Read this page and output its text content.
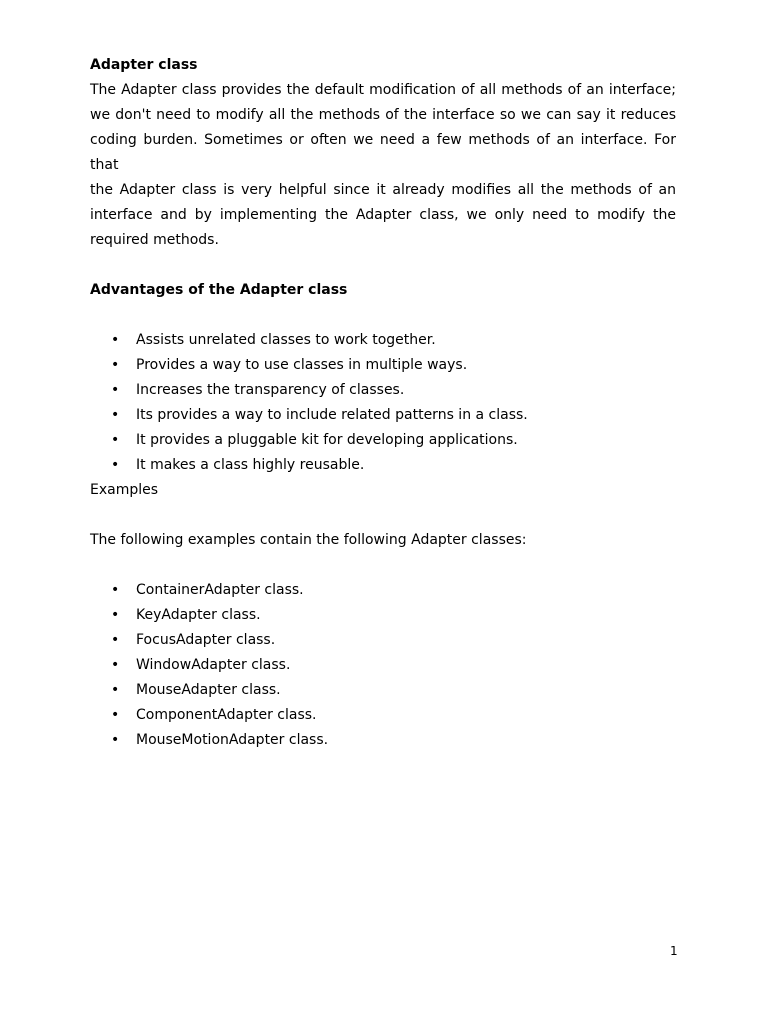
Adapter class

The Adapter class provides the default modification of all methods of an interface;

we don't need to modify all the methods of the interface so we can say it reduces

coding burden. Sometimes or often we need a few methods of an interface. For that

the Adapter class is very helpful since it already modifies all the methods of an

interface and by implementing the Adapter class, we only need to modify the

required methods.

Advantages of the Adapter class

• Assists unrelated classes to work together.
• Provides a way to use classes in multiple ways.
• Increases the transparency of classes.
• Its provides a way to include related patterns in a class.
• It provides a pluggable kit for developing applications.
• It makes a class highly reusable.

Examples

The following examples contain the following Adapter classes:

• ContainerAdapter class.
• KeyAdapter class.
• FocusAdapter class.
• WindowAdapter class.
• MouseAdapter class.
• ComponentAdapter class.
• MouseMotionAdapter class.
1
